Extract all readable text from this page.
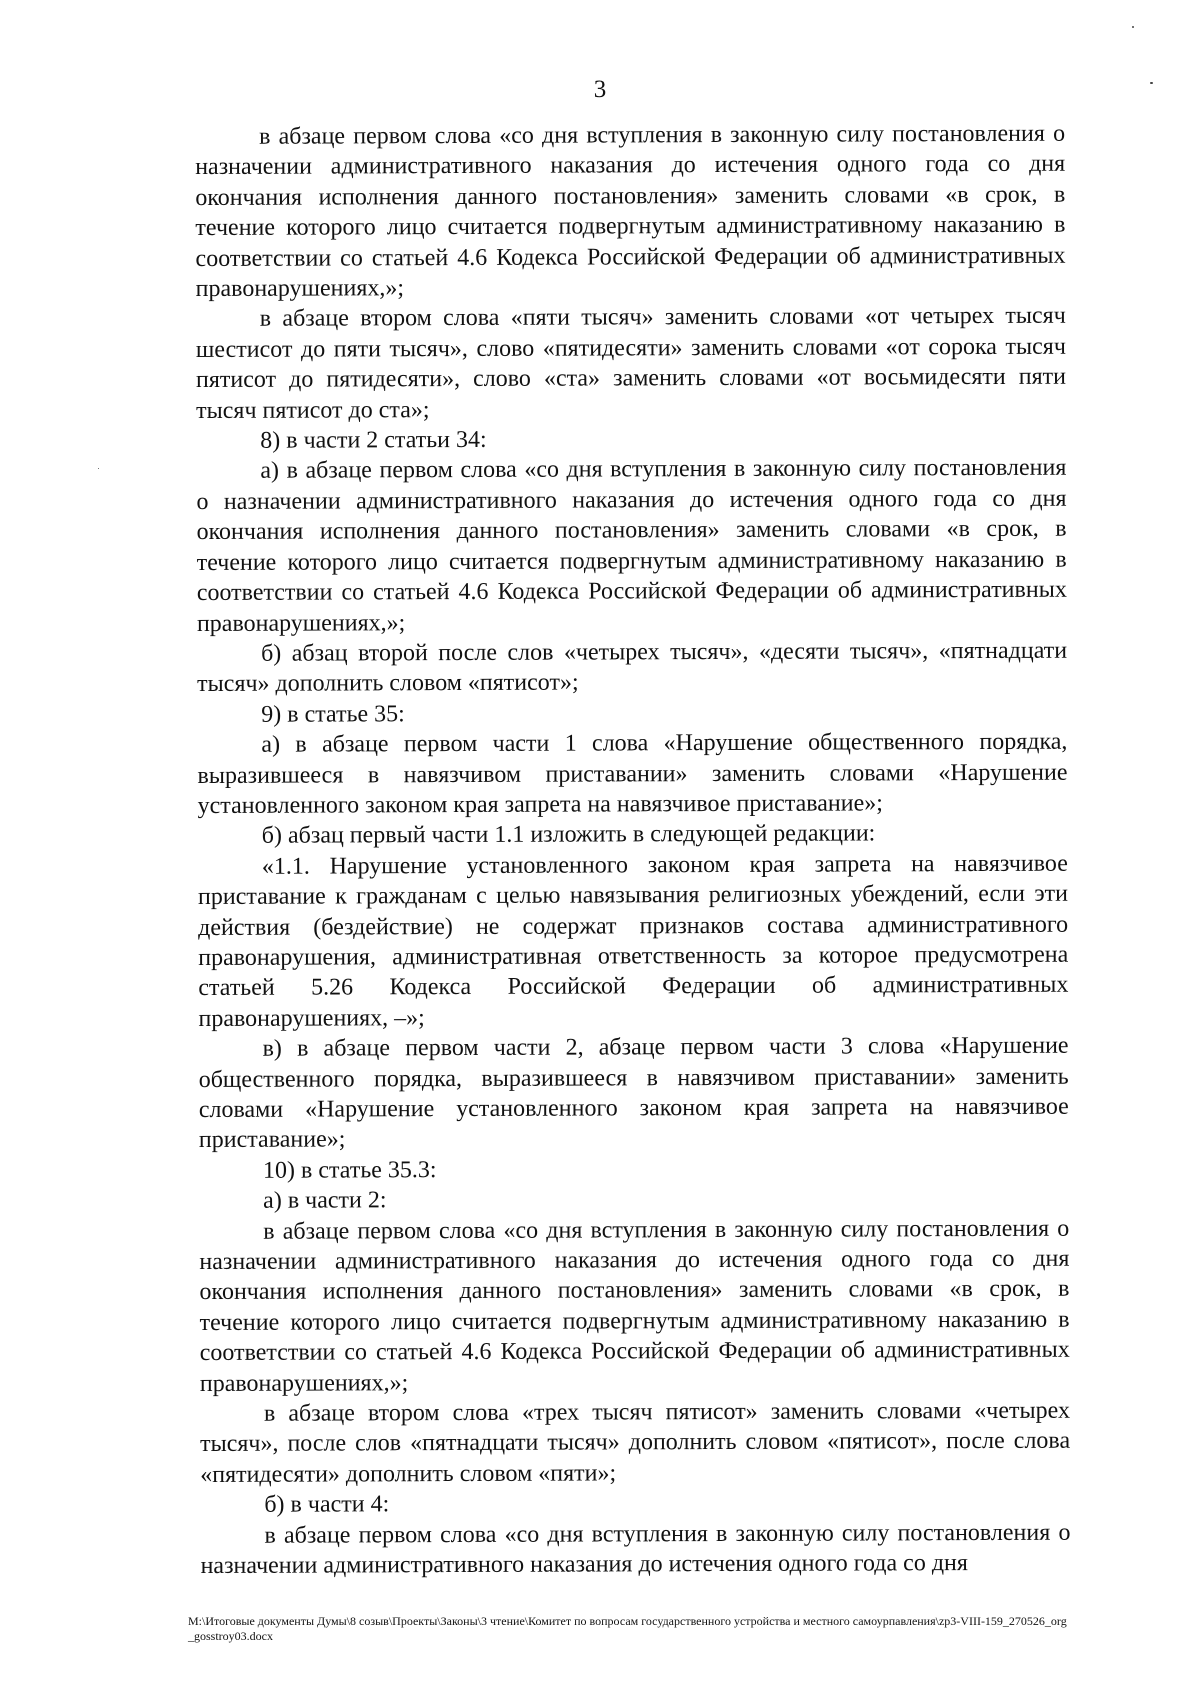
3

в абзаце первом слова «со дня вступления в законную силу постановления о назначении административного наказания до истечения одного года со дня окончания исполнения данного постановления» заменить словами «в срок, в течение которого лицо считается подвергнутым административному наказанию в соответствии со статьей 4.6 Кодекса Российской Федерации об административных правонарушениях,»;

в абзаце втором слова «пяти тысяч» заменить словами «от четырех тысяч шестисот до пяти тысяч», слово «пятидесяти» заменить словами «от сорока тысяч пятисот до пятидесяти», слово «ста» заменить словами «от восьмидесяти пяти тысяч пятисот до ста»;

8) в части 2 статьи 34:

а) в абзаце первом слова «со дня вступления в законную силу постановления о назначении административного наказания до истечения одного года со дня окончания исполнения данного постановления» заменить словами «в срок, в течение которого лицо считается подвергнутым административному наказанию в соответствии со статьей 4.6 Кодекса Российской Федерации об административных правонарушениях,»;

б) абзац второй после слов «четырех тысяч», «десяти тысяч», «пятнадцати тысяч» дополнить словом «пятисот»;

9) в статье 35:

а) в абзаце первом части 1 слова «Нарушение общественного порядка, выразившееся в навязчивом приставании» заменить словами «Нарушение установленного законом края запрета на навязчивое приставание»;

б) абзац первый части 1.1 изложить в следующей редакции:

«1.1. Нарушение установленного законом края запрета на навязчивое приставание к гражданам с целью навязывания религиозных убеждений, если эти действия (бездействие) не содержат признаков состава административного правонарушения, административная ответственность за которое предусмотрена статьей 5.26 Кодекса Российской Федерации об административных правонарушениях, –»;

в) в абзаце первом части 2, абзаце первом части 3 слова «Нарушение общественного порядка, выразившееся в навязчивом приставании» заменить словами «Нарушение установленного законом края запрета на навязчивое приставание»;

10) в статье 35.3:

а) в части 2:

в абзаце первом слова «со дня вступления в законную силу постановления о назначении административного наказания до истечения одного года со дня окончания исполнения данного постановления» заменить словами «в срок, в течение которого лицо считается подвергнутым административному наказанию в соответствии со статьей 4.6 Кодекса Российской Федерации об административных правонарушениях,»;

в абзаце втором слова «трех тысяч пятисот» заменить словами «четырех тысяч», после слов «пятнадцати тысяч» дополнить словом «пятисот», после слова «пятидесяти» дополнить словом «пяти»;

б) в части 4:

в абзаце первом слова «со дня вступления в законную силу постановления о назначении административного наказания до истечения одного года со дня

M:\Итоговые документы Думы\8 созыв\Проекты\Законы\3 чтение\Комитет по вопросам государственного устройства и местного самоурпавления\zp3-VIII-159_270526_org_gosstroy03.docx
